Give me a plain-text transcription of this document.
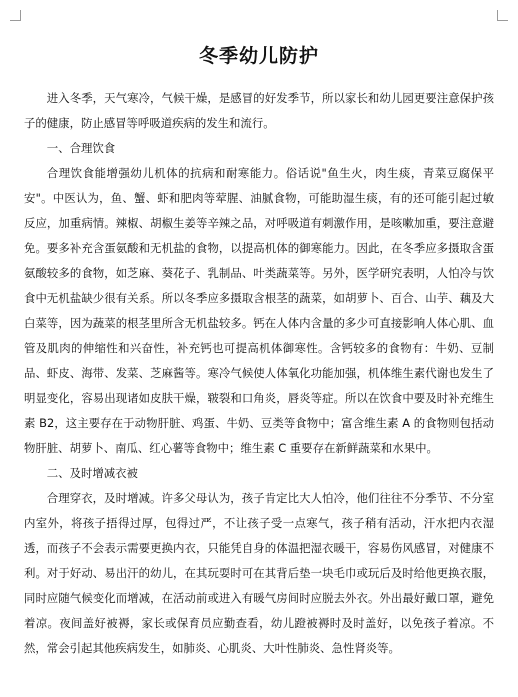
冬季幼儿防护

进入冬季，天气寒冷，气候干燥，是感冒的好发季节，所以家长和幼儿园更要注意保护孩子的健康，防止感冒等呼吸道疾病的发生和流行。

一、合理饮食

合理饮食能增强幼儿机体的抗病和耐寒能力。俗话说"鱼生火，肉生痰，青菜豆腐保平安"。中医认为，鱼、蟹、虾和肥肉等荤腥、油腻食物，可能助湿生痰，有的还可能引起过敏反应，加重病情。辣椒、胡椒生姜等辛辣之品，对呼吸道有刺激作用，是咳嗽加重，要注意避免。要多补充含蛋氨酸和无机盐的食物，以提高机体的御寒能力。因此，在冬季应多摄取含蛋氨酸较多的食物，如芝麻、葵花子、乳制品、叶类蔬菜等。另外，医学研究表明，人怕冷与饮食中无机盐缺少很有关系。所以冬季应多摄取含根茎的蔬菜，如胡萝卜、百合、山芋、藕及大白菜等，因为蔬菜的根茎里所含无机盐较多。钙在人体内含量的多少可直接影响人体心肌、血管及肌肉的伸缩性和兴奋性，补充钙也可提高机体御寒性。含钙较多的食物有：牛奶、豆制品、虾皮、海带、发菜、芝麻酱等。寒冷气候使人体氧化功能加强，机体维生素代谢也发生了明显变化，容易出现诸如皮肤干燥，皲裂和口角炎，唇炎等症。所以在饮食中要及时补充维生素 B2，这主要存在于动物肝脏、鸡蛋、牛奶、豆类等食物中；富含维生素 A 的食物则包括动物肝脏、胡萝卜、南瓜、红心薯等食物中；维生素 C 重要存在新鲜蔬菜和水果中。

二、及时增减衣被

合理穿衣，及时增减。许多父母认为，孩子肯定比大人怕冷，他们往往不分季节、不分室内室外，将孩子捂得过厚，包得过严，不让孩子受一点寒气，孩子稍有活动，汗水把内衣湿透，而孩子不会表示需要更换内衣，只能凭自身的体温把湿衣暖干，容易伤风感冒，对健康不利。对于好动、易出汗的幼儿，在其玩耍时可在其背后垫一块毛巾或玩后及时给他更换衣服，同时应随气候变化而增减，在活动前或进入有暖气房间时应脱去外衣。外出最好戴口罩，避免着凉。夜间盖好被褥，家长或保育员应勤查看，幼儿蹬被褥时及时盖好，以免孩子着凉。不然，常会引起其他疾病发生，如肺炎、心肌炎、大叶性肺炎、急性肾炎等。
